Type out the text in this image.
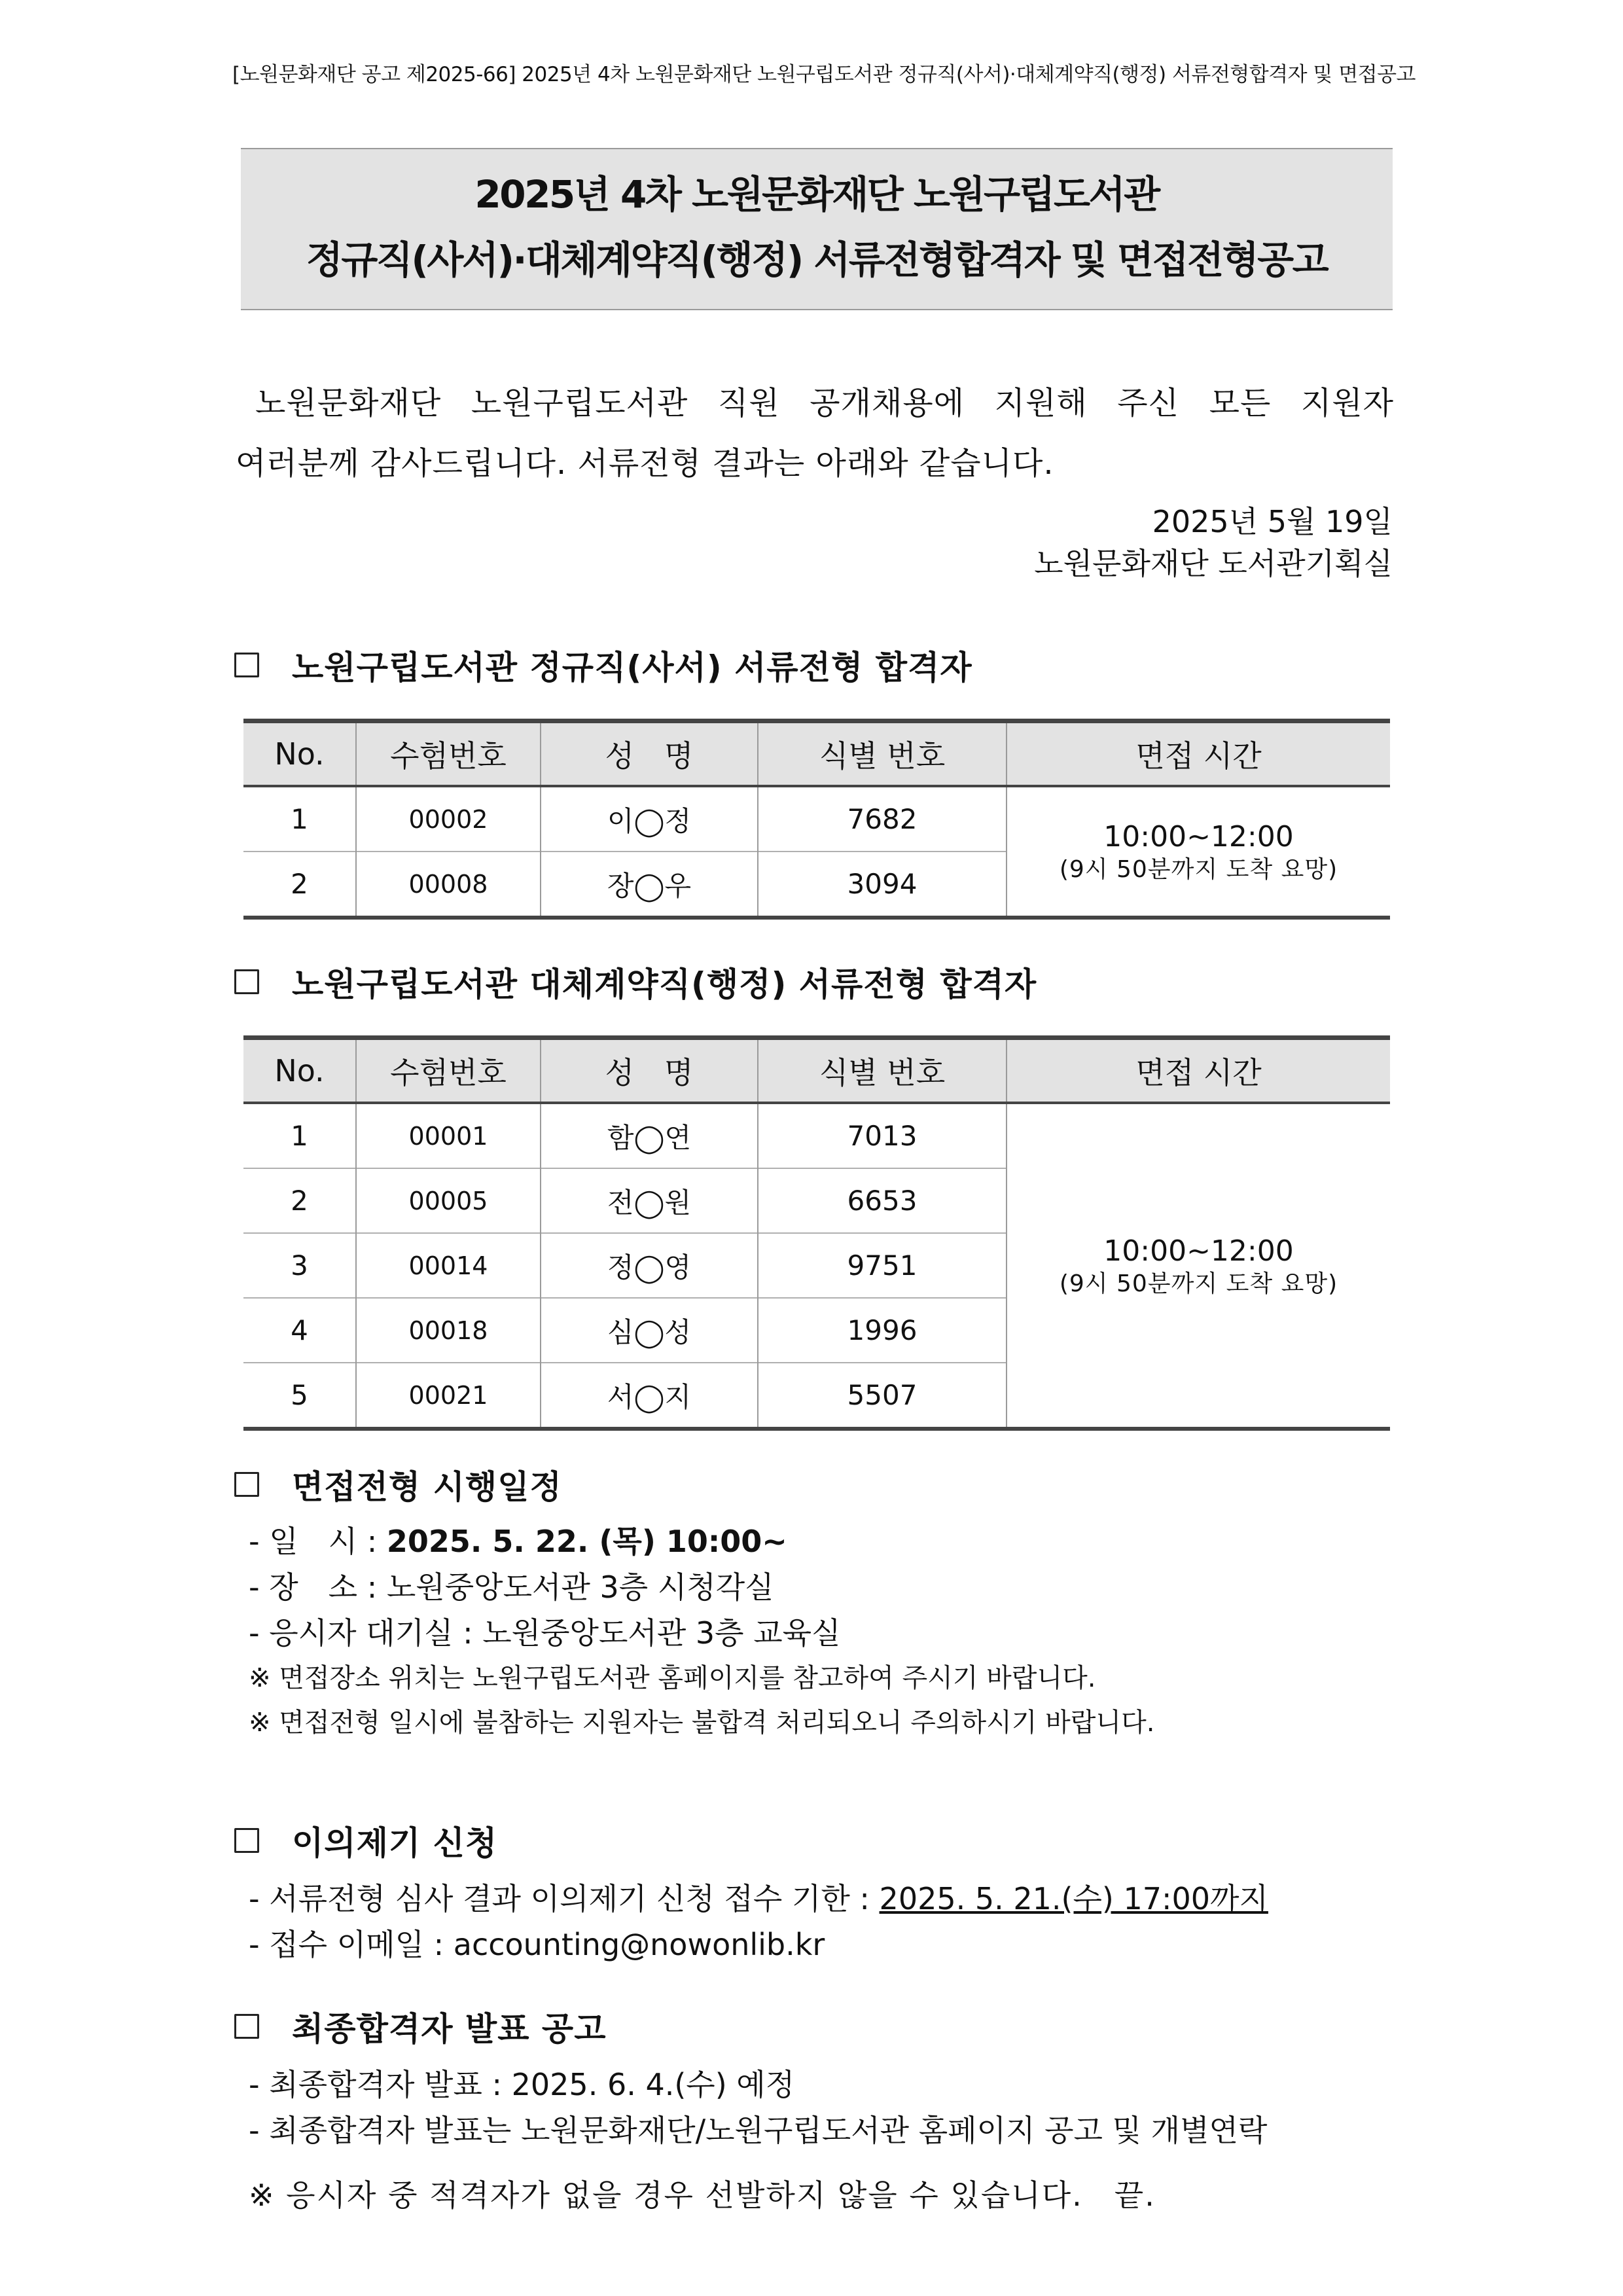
[노원문화재단 공고 제2025-66] 2025년 4차 노원문화재단 노원구립도서관 정규직(사서)·대체계약직(행정) 서류전형합격자 및 면접공고
2025년 4차 노원문화재단 노원구립도서관
정규직(사서)·대체계약직(행정) 서류전형합격자 및 면접전형공고
노원문화재단 노원구립도서관 직원 공개채용에 지원해 주신 모든 지원자
여러분께 감사드립니다. 서류전형 결과는 아래와 같습니다.
2025년 5월 19일
노원문화재단 도서관기획실
노원구립도서관 정규직(사서) 서류전형 합격자
No.	수험번호	성　명	식별 번호	면접 시간
1	00002	이◯정	7682	10:00~12:00
(9시 50분까지 도착 요망)

2	00008	장◯우	3094	
노원구립도서관 대체계약직(행정) 서류전형 합격자
No.	수험번호	성　명	식별 번호	면접 시간
1	00001	함◯연	7013	10:00~12:00
(9시 50분까지 도착 요망)

2	00005	전◯원	6653	
3	00014	정◯영	9751	
4	00018	심◯성	1996	
5	00021	서◯지	5507	
면접전형 시행일정
- 일　시 : 2025. 5. 22. (목) 10:00~
- 장　소 : 노원중앙도서관 3층 시청각실
- 응시자 대기실 : 노원중앙도서관 3층 교육실
※ 면접장소 위치는 노원구립도서관 홈페이지를 참고하여 주시기 바랍니다.
※ 면접전형 일시에 불참하는 지원자는 불합격 처리되오니 주의하시기 바랍니다.
이의제기 신청
- 서류전형 심사 결과 이의제기 신청 접수 기한 : 2025. 5. 21.(수) 17:00까지
- 접수 이메일 : accounting@nowonlib.kr
최종합격자 발표 공고
- 최종합격자 발표 : 2025. 6. 4.(수) 예정
- 최종합격자 발표는 노원문화재단/노원구립도서관 홈페이지 공고 및 개별연락
※ 응시자 중 적격자가 없을 경우 선발하지 않을 수 있습니다.　끝.
